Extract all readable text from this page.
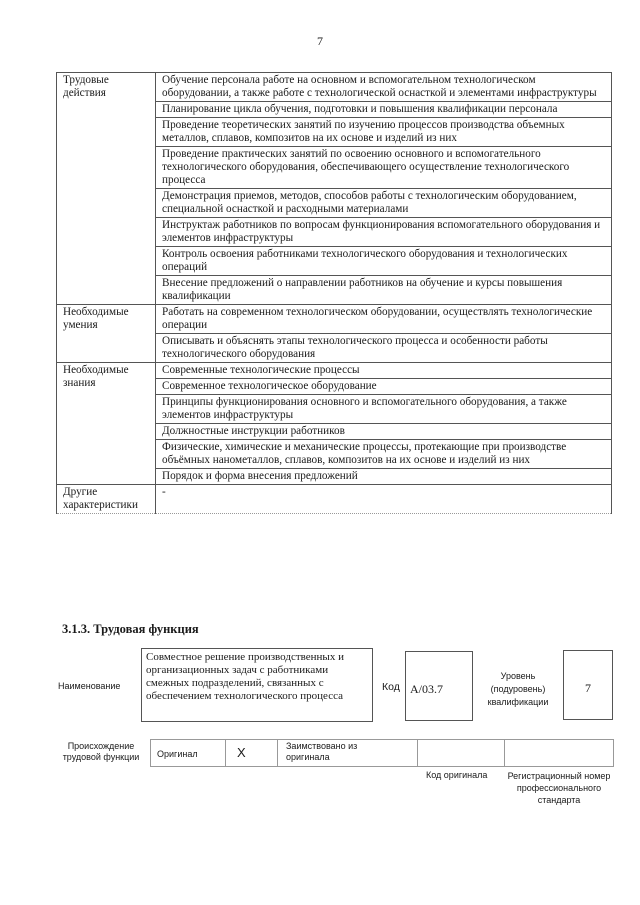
7
Трудовые действия	Обучение персонала работе на основном и вспомогательном технологическом оборудовании, а также работе с технологической оснасткой и элементами инфраструктуры
	Планирование цикла обучения, подготовки и повышения квалификации персонала
	Проведение теоретических занятий по изучению процессов производства объемных металлов, сплавов, композитов на их основе и изделий из них
	Проведение практических занятий по освоению основного и вспомогательного технологического оборудования, обеспечивающего осуществление технологического процесса
	Демонстрация приемов, методов, способов работы с технологическим оборудованием, специальной оснасткой и расходными материалами
	Инструктаж работников по вопросам функционирования вспомогательного оборудования и элементов инфраструктуры
	Контроль освоения работниками технологического оборудования и технологических операций
	Внесение предложений о направлении работников на обучение и курсы повышения квалификации
Необходимые умения	Работать на современном технологическом оборудовании, осуществлять технологические операции
	Описывать и объяснять этапы технологического процесса и особенности работы технологического оборудования
Необходимые знания	Современные технологические процессы
	Современное технологическое оборудование
	Принципы функционирования основного и вспомогательного оборудования, а также элементов инфраструктуры
	Должностные инструкции работников
	Физические, химические и механические процессы, протекающие при производстве объёмных нанометаллов, сплавов, композитов на их основе и изделий из них
	Порядок и форма внесения предложений
Другие характеристики	-
3.1.3. Трудовая функция
Наименование
Совместное решение производственных и организационных задач с работниками смежных подразделений, связанных с обеспечением технологического процесса
Код A/03.7
Уровень (подуровень) квалификации
7
Происхождение трудовой функции	Оригинал	X	Заимствовано из оригинала
Код оригинала Регистрационный номер профессионального стандарта
